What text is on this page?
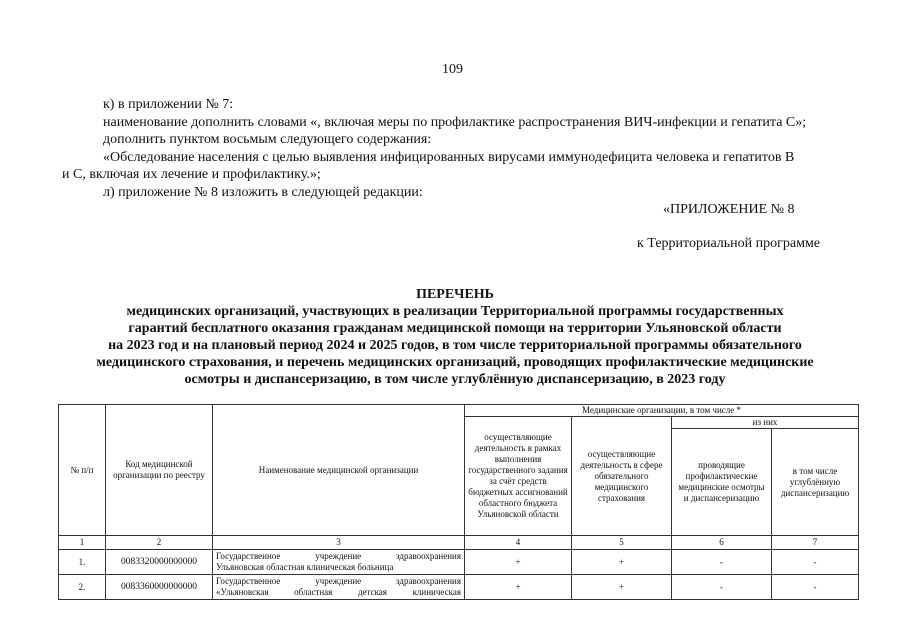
109
к) в приложении № 7:
наименование дополнить словами «, включая меры по профилактике распространения ВИЧ-инфекции и гепатита С»;
дополнить пунктом восьмым следующего содержания:
«Обследование населения с целью выявления инфицированных вирусами иммунодефицита человека и гепатитов В
и С, включая их лечение и профилактику.»;
л) приложение № 8 изложить в следующей редакции:
«ПРИЛОЖЕНИЕ № 8
к Территориальной программе
ПЕРЕЧЕНЬ
медицинских организаций, участвующих в реализации Территориальной программы государственных
гарантий бесплатного оказания гражданам медицинской помощи на территории Ульяновской области
на 2023 год и на плановый период 2024 и 2025 годов, в том числе территориальной программы обязательного
медицинского страхования, и перечень медицинских организаций, проводящих профилактические медицинские
осмотры и диспансеризацию, в том числе углублённую диспансеризацию, в 2023 году
№ п/п	Код медицинской организации по реестру	Наименование медицинской организации	Медицинские организации, в том числе *			
			осуществляющие деятельность в рамках выполнения государственного задания за счёт средств бюджетных ассигнований областного бюджета Ульяновской области	осуществляющие деятельность в сфере обязательного медицинского страхования	из них	
					проводящие профилактические медицинские осмотры и диспансеризацию	в том числе углублённую диспансеризацию
1	2	3	4	5	6	7
1.	0083320000000000	Государственное учреждение здравоохранения
Ульяновская областная клиническая больница	+	+	-	-
2.	0083360000000000	Государственное учреждение здравоохранения
«Ульяновская областная детская клиническая	+	+	-	-
